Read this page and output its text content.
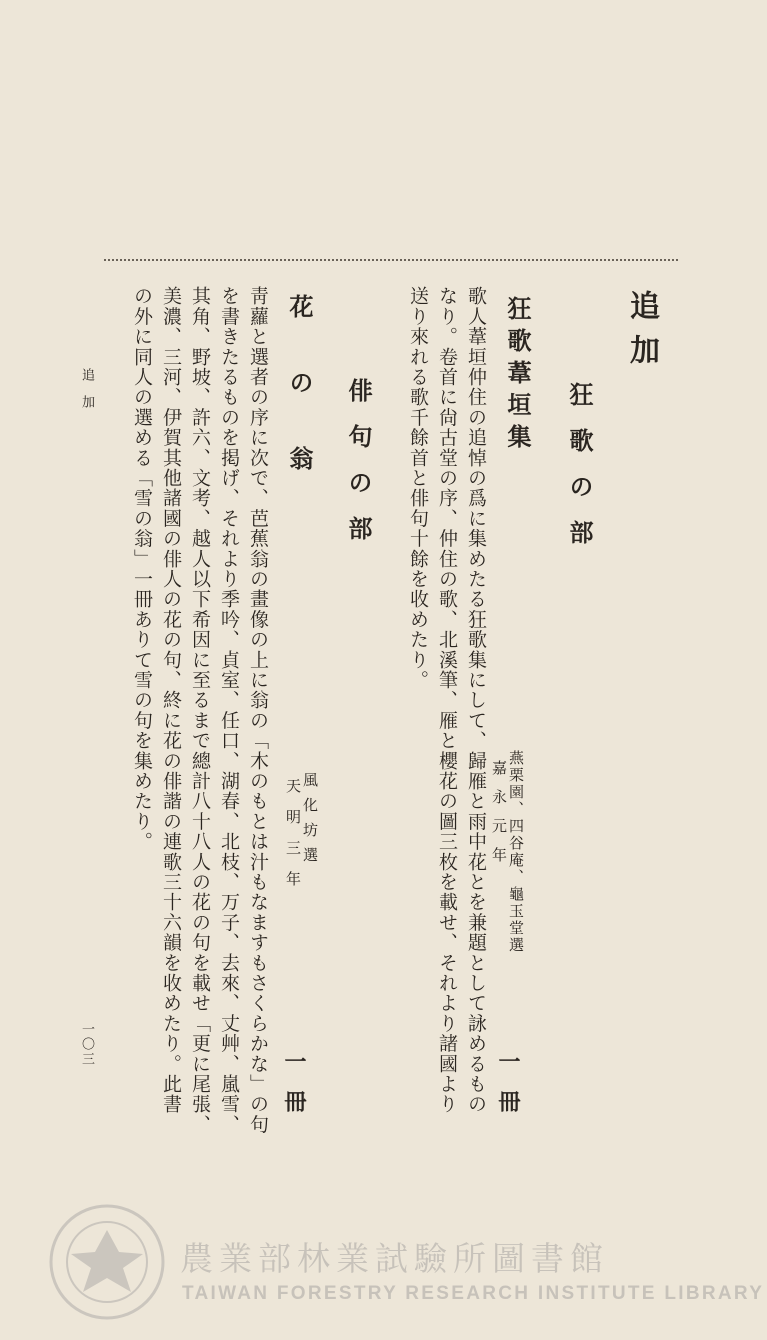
追加
狂歌の部
狂歌葦垣集
燕栗園、四谷庵、龜玉堂選
嘉永元年
一冊
歌人葦垣仲住の追悼の爲に集めたる狂歌集にして、歸雁と雨中花とを兼題として詠めるもの
なり。卷首に尙古堂の序、仲住の歌、北溪筆、雁と櫻花の圖三枚を載せ、それより諸國より
送り來れる歌千餘首と俳句十餘を收めたり。
俳句の部
花の翁
風化坊選
天明三年
一冊
靑蘿と選者の序に次で、芭蕉翁の畫像の上に翁の「木のもとは汁もなますもさくらかな」の句
を書きたるものを掲げ、それより季吟、貞室、任口、湖春、北枝、万子、去來、丈艸、嵐雪、
其角、野坡、許六、文考、越人以下希因に至るまで總計八十八人の花の句を載せ「更に尾張、
美濃、三河、伊賀其他諸國の俳人の花の句、終に花の俳諧の連歌三十六韻を收めたり。此書
の外に同人の選める「雪の翁」一冊ありて雪の句を集めたり。
追加
一〇三
農業部林業試驗所圖書館
TAIWAN FORESTRY RESEARCH INSTITUTE LIBRARY
